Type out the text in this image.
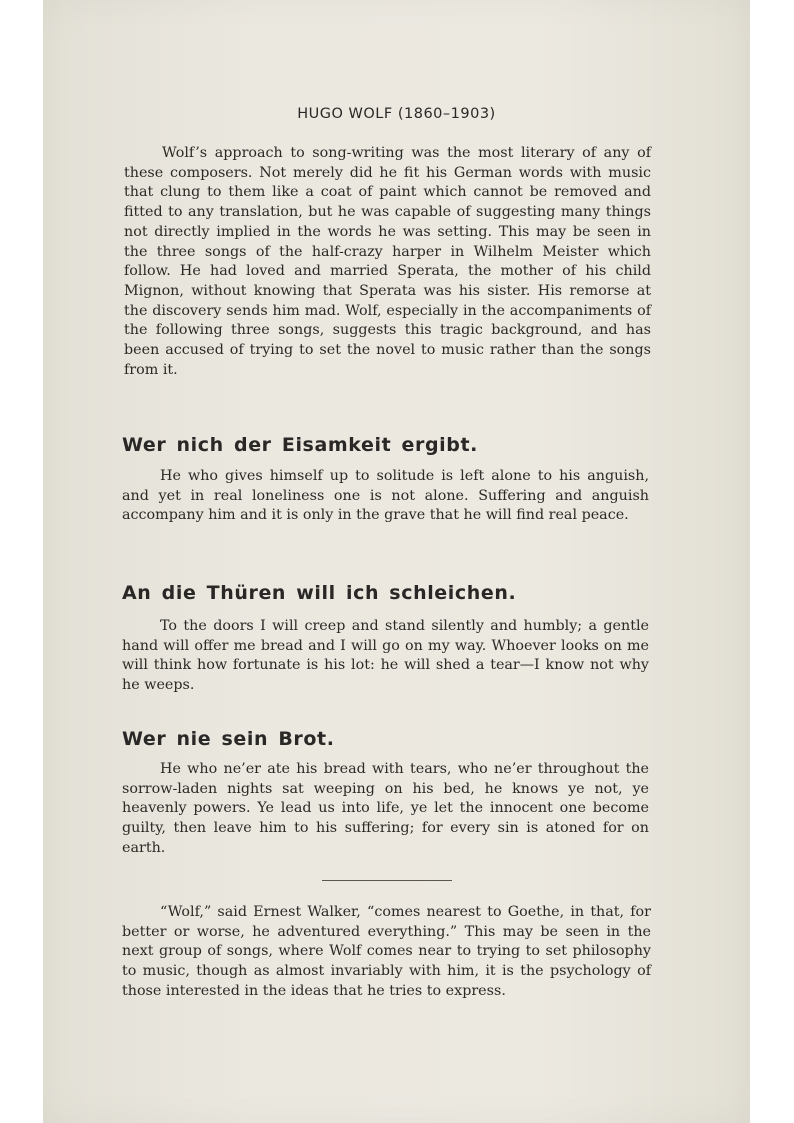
HUGO WOLF (1860–1903)

Wolf’s approach to song-writing was the most literary of any of these composers. Not merely did he fit his German words with music that clung to them like a coat of paint which cannot be removed and fitted to any translation, but he was capable of suggesting many things not directly implied in the words he was setting. This may be seen in the three songs of the half-crazy harper in Wilhelm Meister which follow. He had loved and married Sperata, the mother of his child Mignon, without knowing that Sperata was his sister. His remorse at the discovery sends him mad. Wolf, especially in the accompaniments of the following three songs, suggests this tragic background, and has been accused of trying to set the novel to music rather than the songs from it.

Wer nich der Eisamkeit ergibt.

He who gives himself up to solitude is left alone to his anguish, and yet in real loneliness one is not alone. Suffering and anguish accompany him and it is only in the grave that he will find real peace.

An die Thüren will ich schleichen.

To the doors I will creep and stand silently and humbly; a gentle hand will offer me bread and I will go on my way. Whoever looks on me will think how fortunate is his lot: he will shed a tear—I know not why he weeps.

Wer nie sein Brot.

He who ne’er ate his bread with tears, who ne’er throughout the sorrow-laden nights sat weeping on his bed, he knows ye not, ye heavenly powers. Ye lead us into life, ye let the innocent one become guilty, then leave him to his suffering; for every sin is atoned for on earth.

“Wolf,” said Ernest Walker, “comes nearest to Goethe, in that, for better or worse, he adventured everything.” This may be seen in the next group of songs, where Wolf comes near to trying to set philosophy to music, though as almost invariably with him, it is the psychology of those interested in the ideas that he tries to express.
